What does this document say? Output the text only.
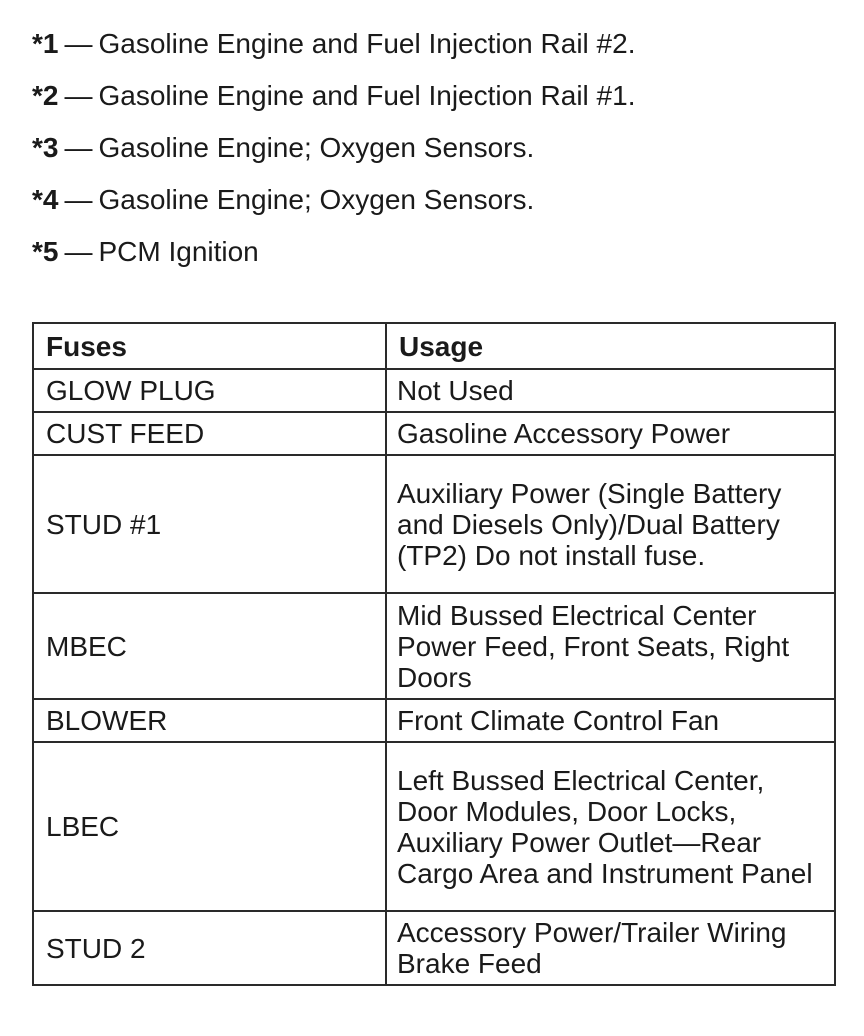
*1 — Gasoline Engine and Fuel Injection Rail #2.
*2 — Gasoline Engine and Fuel Injection Rail #1.
*3 — Gasoline Engine; Oxygen Sensors.
*4 — Gasoline Engine; Oxygen Sensors.
*5 — PCM Ignition
Fuses	Usage
GLOW PLUG	Not Used
CUST FEED	Gasoline Accessory Power
STUD #1	Auxiliary Power (Single Battery and Diesels Only)/Dual Battery (TP2) Do not install fuse.
MBEC	Mid Bussed Electrical Center Power Feed, Front Seats, Right Doors
BLOWER	Front Climate Control Fan
LBEC	Left Bussed Electrical Center, Door Modules, Door Locks, Auxiliary Power Outlet—Rear Cargo Area and Instrument Panel
STUD 2	Accessory Power/Trailer Wiring Brake Feed
